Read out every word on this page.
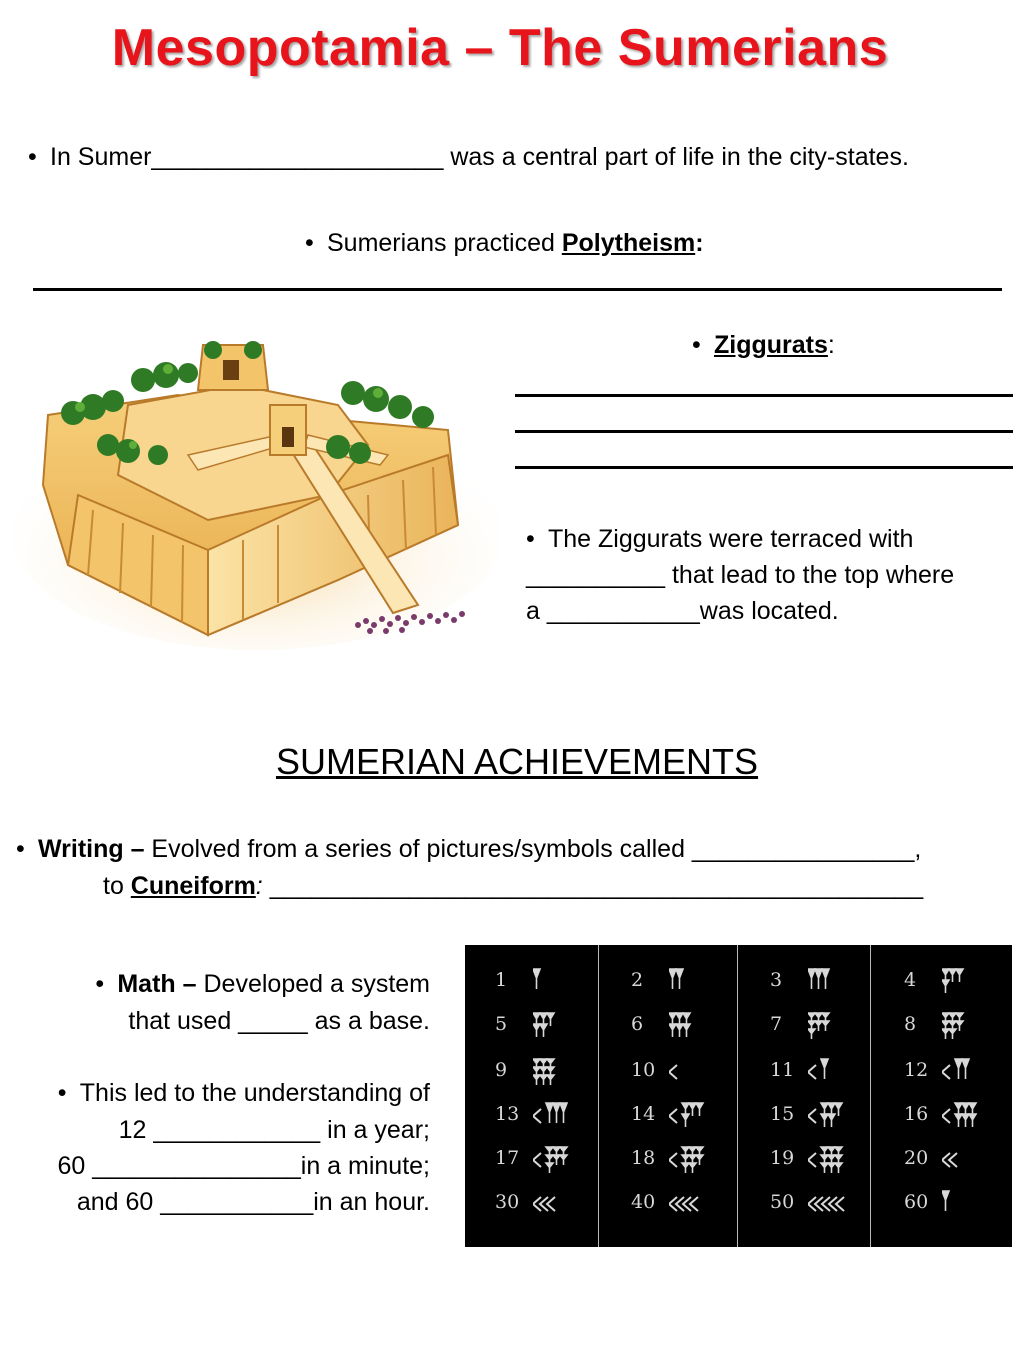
Mesopotamia – The Sumerians
• In Sumer_____________________ was a central part of life in the city-states.
• Sumerians practiced Polytheism:
• Ziggurats:
• The Ziggurats were terraced with
__________ that lead to the top where
a ___________was located.
SUMERIAN ACHIEVEMENTS
• Writing – Evolved from a series of pictures/symbols called ________________,
to Cuneiform: _______________________________________________
• Math – Developed a system
that used _____ as a base.
• This led to the understanding of
12 ____________ in a year;
60 _______________in a minute;
and 60 ___________in an hour.
1
5
9
13
17
30
2
6
10
14
18
40
3
7
11
15
19
50
4
8
12
16
20
60
